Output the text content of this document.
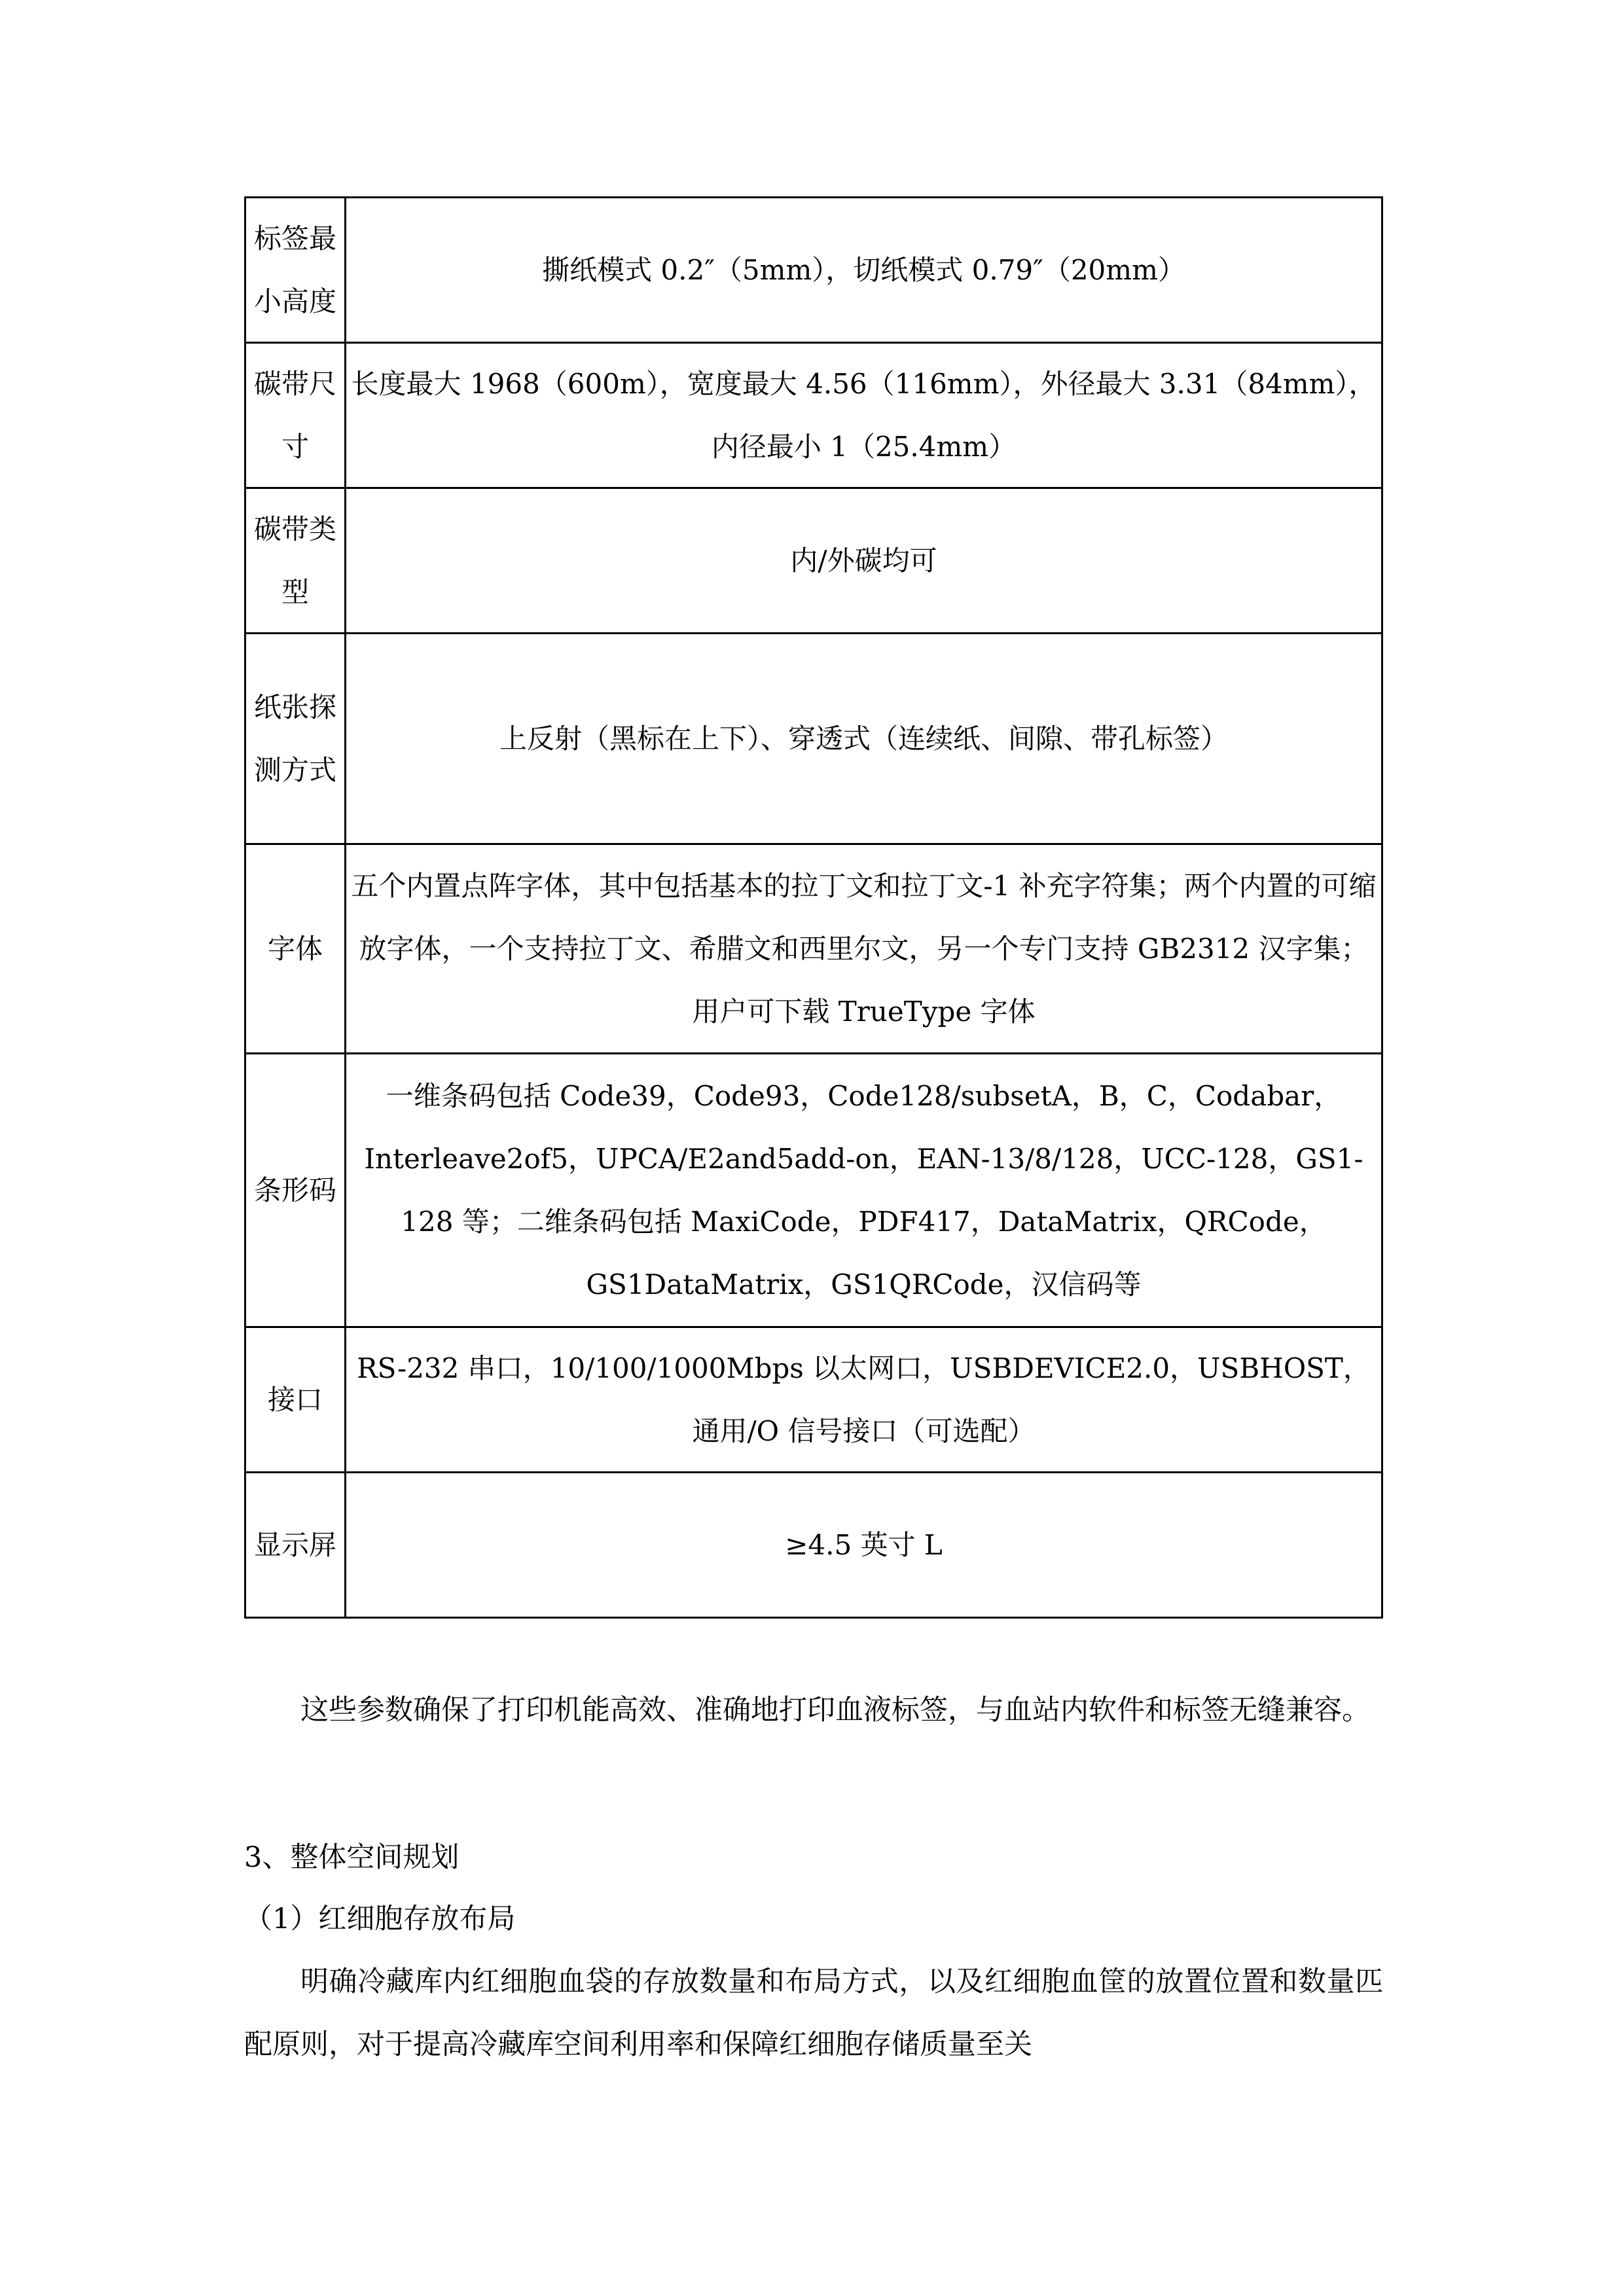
标签最小高度	撕纸模式 0.2″（5mm），切纸模式 0.79″（20mm）
碳带尺寸	长度最大 1968（600m），宽度最大 4.56（116mm），外径最大 3.31（84mm），内径最小 1（25.4mm）
碳带类型	内/外碳均可
纸张探测方式	上反射（黑标在上下）、穿透式（连续纸、间隙、带孔标签）
字体	五个内置点阵字体，其中包括基本的拉丁文和拉丁文-1 补充字符集；两个内置的可缩放字体，一个支持拉丁文、希腊文和西里尔文，另一个专门支持 GB2312 汉字集；用户可下载 TrueType 字体
条形码	一维条码包括 Code39，Code93，Code128/subsetA，B，C，Codabar，Interleave2of5，UPCA/E2and5add-on，EAN-13/8/128，UCC-128，GS1-128 等；二维条码包括 MaxiCode，PDF417，DataMatrix，QRCode，GS1DataMatrix，GS1QRCode，汉信码等
接口	RS-232 串口，10/100/1000Mbps 以太网口，USBDEVICE2.0，USBHOST，通用/O 信号接口（可选配）
显示屏	≥4.5 英寸 L

这些参数确保了打印机能高效、准确地打印血液标签，与血站内软件和标签无缝兼容。

3、整体空间规划

（1）红细胞存放布局

明确冷藏库内红细胞血袋的存放数量和布局方式，以及红细胞血筐的放置位置和数量匹配原则，对于提高冷藏库空间利用率和保障红细胞存储质量至关
